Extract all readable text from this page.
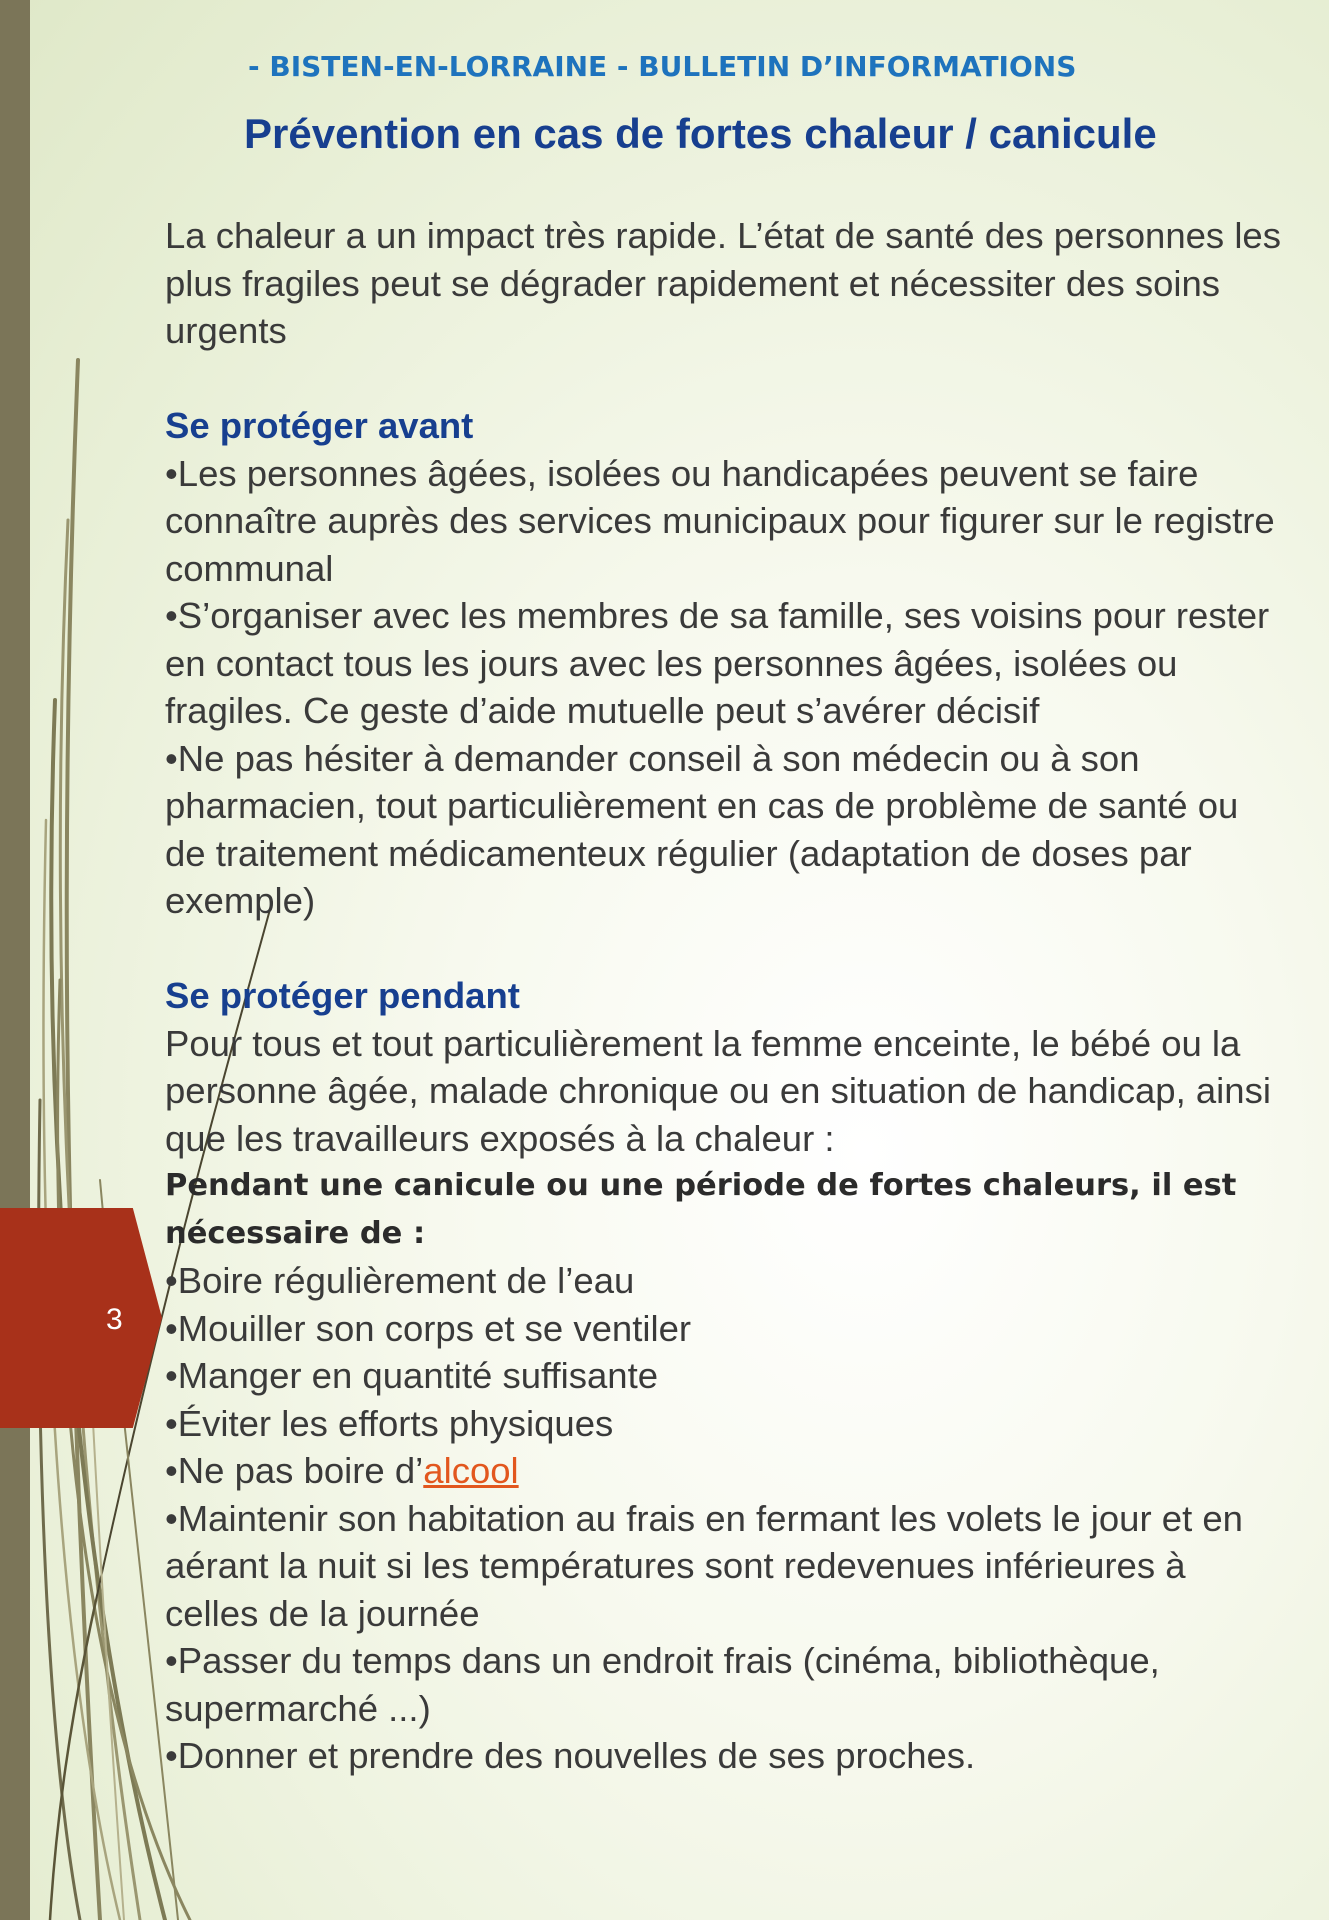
3
- BISTEN-EN-LORRAINE - BULLETIN D’INFORMATIONS
Prévention en cas de fortes chaleur / canicule

La chaleur a un impact très rapide. L’état de santé des personnes les plus fragiles peut se dégrader rapidement et nécessiter des soins urgents

Se protéger avant

•Les personnes âgées, isolées ou handicapées peuvent se faire connaître auprès des services municipaux pour figurer sur le registre communal

•S’organiser avec les membres de sa famille, ses voisins pour rester en contact tous les jours avec les personnes âgées, isolées ou fragiles. Ce geste d’aide mutuelle peut s’avérer décisif

•Ne pas hésiter à demander conseil à son médecin ou à son pharmacien, tout particulièrement en cas de problème de santé ou de traitement médicamenteux régulier (adaptation de doses par exemple)

Se protéger pendant

Pour tous et tout particulièrement la femme enceinte, le bébé ou la personne âgée, malade chronique ou en situation de handicap, ainsi que les travailleurs exposés à la chaleur :

Pendant une canicule ou une période de fortes chaleurs, il est nécessaire de :

•Boire régulièrement de l’eau

•Mouiller son corps et se ventiler

•Manger en quantité suffisante

•Éviter les efforts physiques

•Ne pas boire d’alcool

•Maintenir son habitation au frais en fermant les volets le jour et en aérant la nuit si les températures sont redevenues inférieures à celles de la journée

•Passer du temps dans un endroit frais (cinéma, bibliothèque, supermarché ...)

•Donner et prendre des nouvelles de ses proches.
